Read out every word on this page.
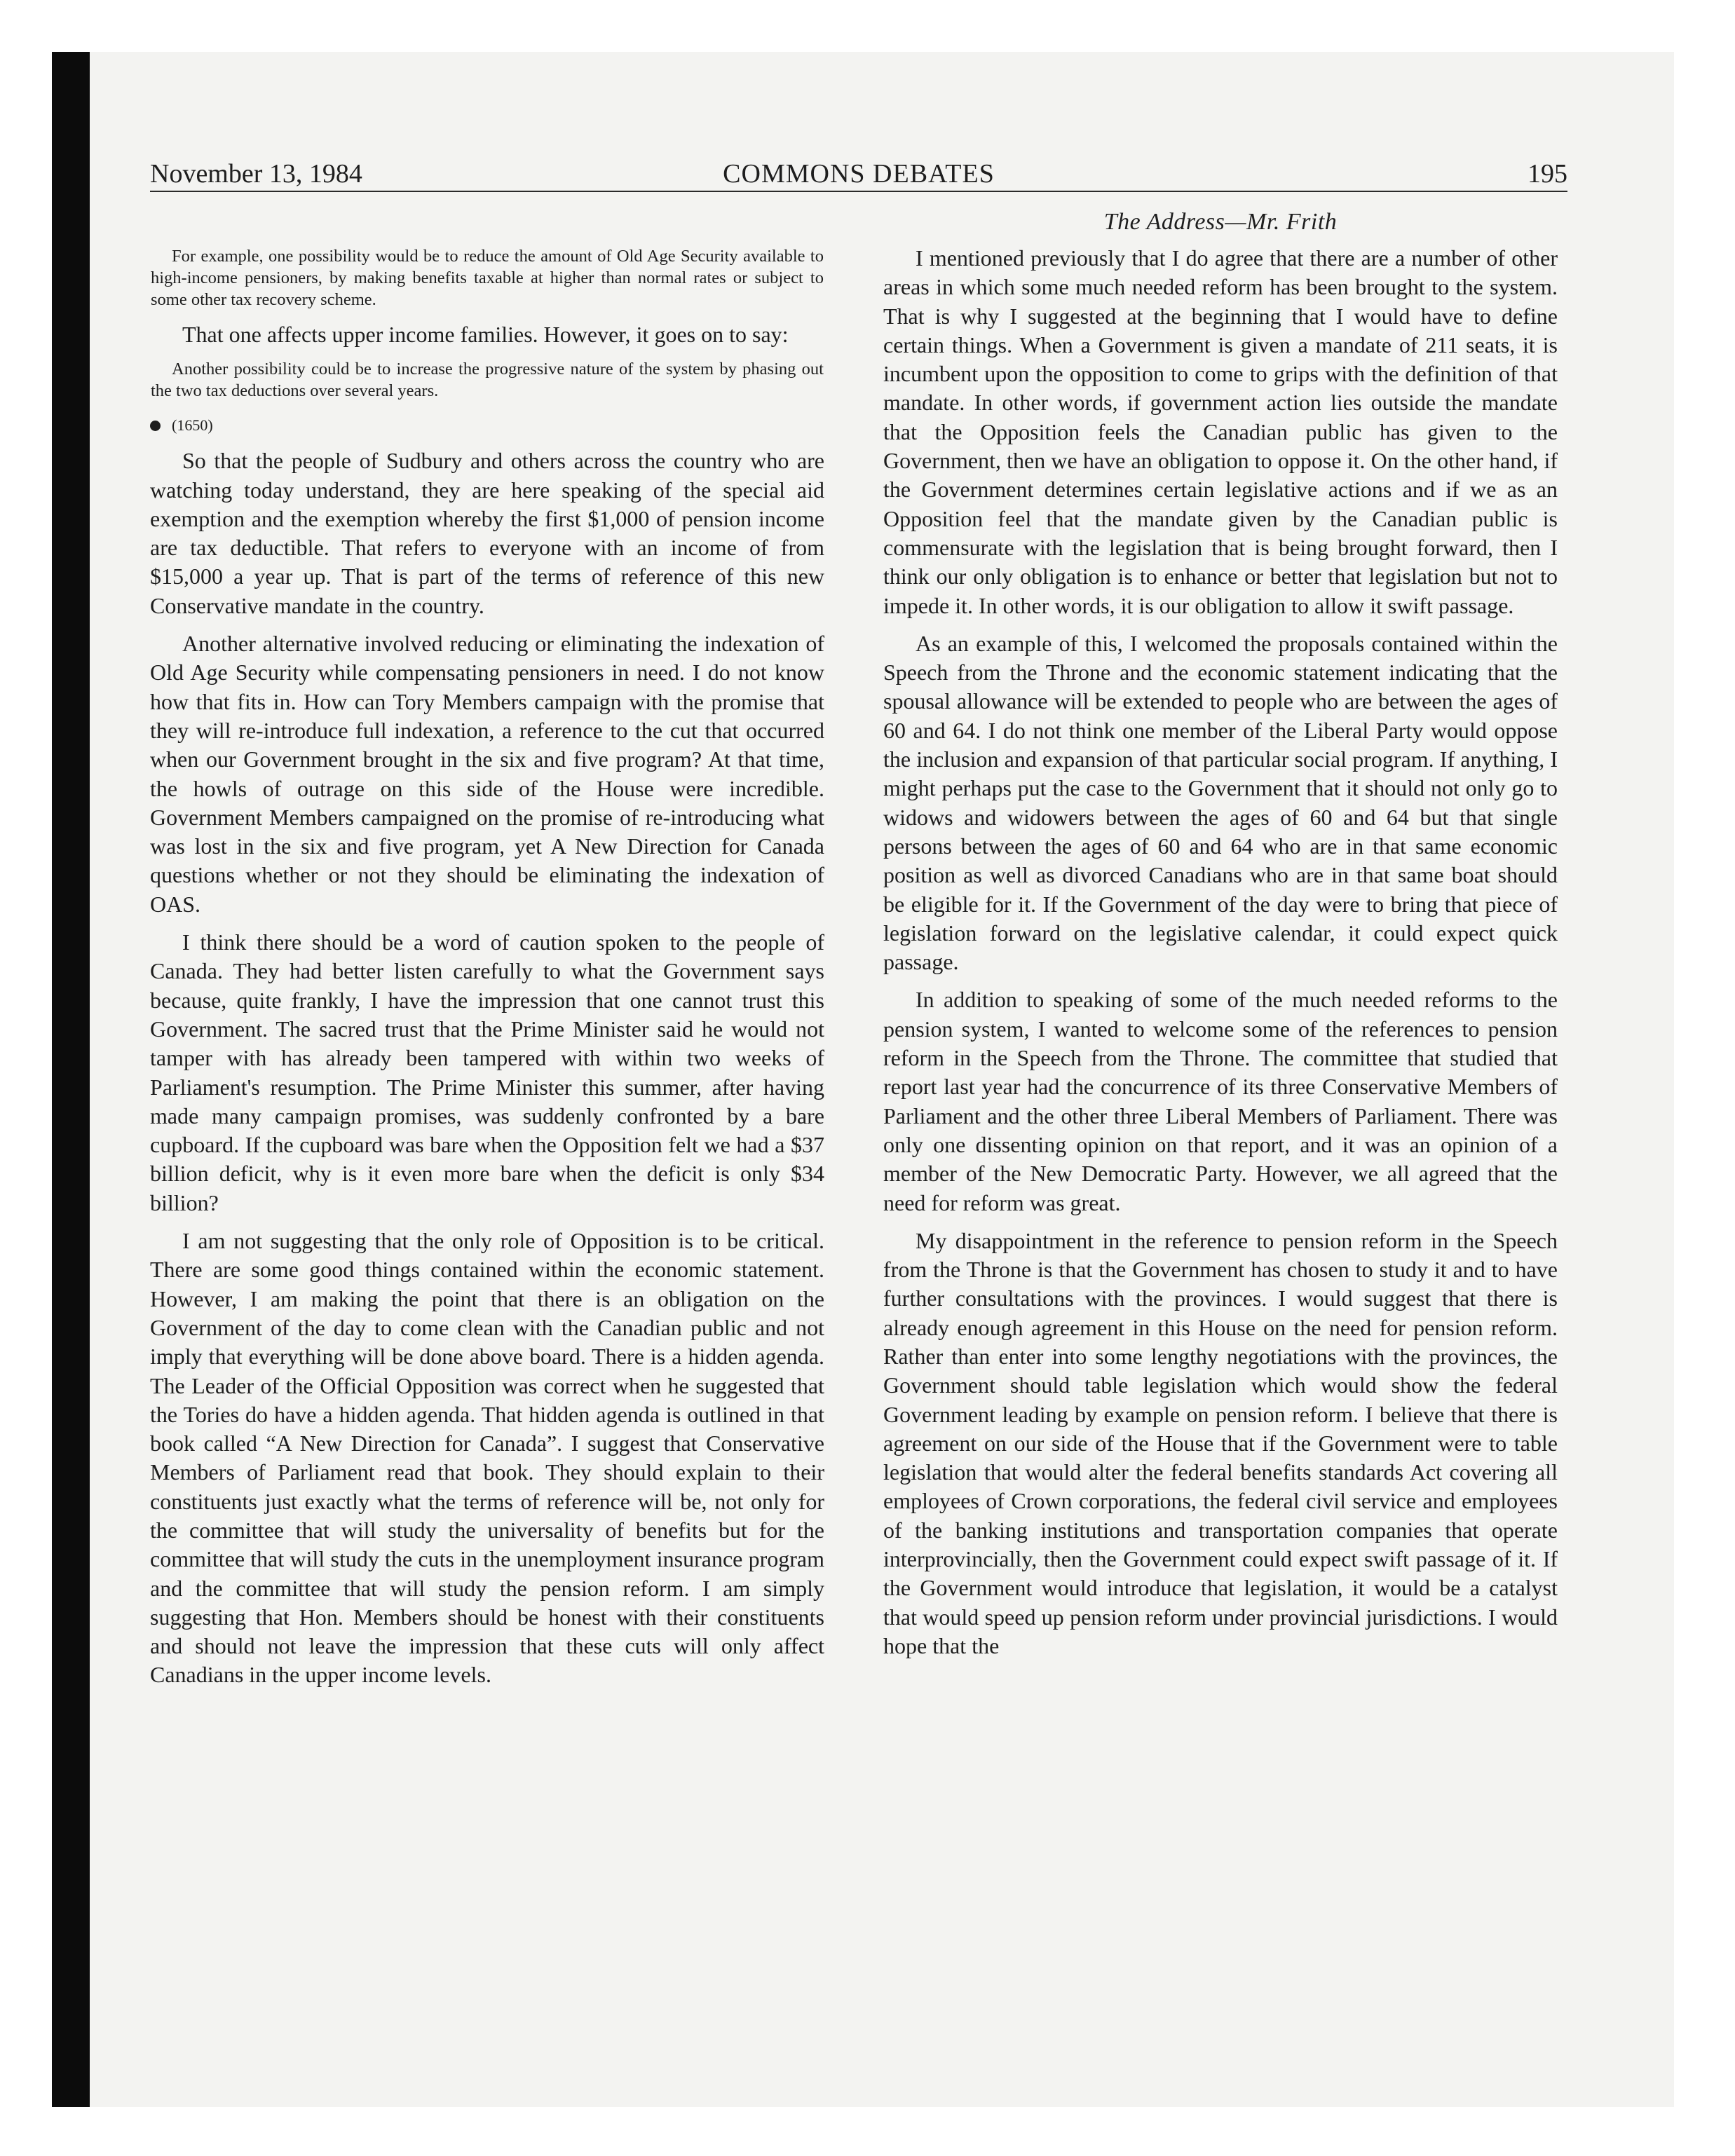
COMMONS DEBATES
November 13, 1984	195

For example, one possibility would be to reduce the amount of Old Age Security available to high-income pensioners, by making benefits taxable at higher than normal rates or subject to some other tax recovery scheme.

That one affects upper income families. However, it goes on to say:

Another possibility could be to increase the progressive nature of the system by phasing out the two tax deductions over several years.

(1650)

So that the people of Sudbury and others across the country who are watching today understand, they are here speaking of the special aid exemption and the exemption whereby the first $1,000 of pension income are tax deductible. That refers to everyone with an income of from $15,000 a year up. That is part of the terms of reference of this new Conservative mandate in the country.

Another alternative involved reducing or eliminating the indexation of Old Age Security while compensating pensioners in need. I do not know how that fits in. How can Tory Members campaign with the promise that they will re-introduce full indexation, a reference to the cut that occurred when our Government brought in the six and five program? At that time, the howls of outrage on this side of the House were incredible. Government Members campaigned on the promise of re-introducing what was lost in the six and five program, yet A New Direction for Canada questions whether or not they should be eliminating the indexation of OAS.

I think there should be a word of caution spoken to the people of Canada. They had better listen carefully to what the Government says because, quite frankly, I have the impression that one cannot trust this Government. The sacred trust that the Prime Minister said he would not tamper with has already been tampered with within two weeks of Parliament's resumption. The Prime Minister this summer, after having made many campaign promises, was suddenly confronted by a bare cupboard. If the cupboard was bare when the Opposition felt we had a $37 billion deficit, why is it even more bare when the deficit is only $34 billion?

I am not suggesting that the only role of Opposition is to be critical. There are some good things contained within the economic statement. However, I am making the point that there is an obligation on the Government of the day to come clean with the Canadian public and not imply that everything will be done above board. There is a hidden agenda. The Leader of the Official Opposition was correct when he suggested that the Tories do have a hidden agenda. That hidden agenda is outlined in that book called “A New Direction for Canada”. I suggest that Conservative Members of Parliament read that book. They should explain to their constituents just exactly what the terms of reference will be, not only for the committee that will study the universality of benefits but for the committee that will study the cuts in the unemployment insurance program and the committee that will study the pension reform. I am simply suggesting that Hon. Members should be honest with their constituents and should not leave the impression that these cuts will only affect Canadians in the upper income levels.

The Address—Mr. Frith

I mentioned previously that I do agree that there are a number of other areas in which some much needed reform has been brought to the system. That is why I suggested at the beginning that I would have to define certain things. When a Government is given a mandate of 211 seats, it is incumbent upon the opposition to come to grips with the definition of that mandate. In other words, if government action lies outside the mandate that the Opposition feels the Canadian public has given to the Government, then we have an obligation to oppose it. On the other hand, if the Government determines certain legislative actions and if we as an Opposition feel that the mandate given by the Canadian public is commensurate with the legislation that is being brought forward, then I think our only obligation is to enhance or better that legislation but not to impede it. In other words, it is our obligation to allow it swift passage.

As an example of this, I welcomed the proposals contained within the Speech from the Throne and the economic statement indicating that the spousal allowance will be extended to people who are between the ages of 60 and 64. I do not think one member of the Liberal Party would oppose the inclusion and expansion of that particular social program. If anything, I might perhaps put the case to the Government that it should not only go to widows and widowers between the ages of 60 and 64 but that single persons between the ages of 60 and 64 who are in that same economic position as well as divorced Canadians who are in that same boat should be eligible for it. If the Government of the day were to bring that piece of legislation forward on the legislative calendar, it could expect quick passage.

In addition to speaking of some of the much needed reforms to the pension system, I wanted to welcome some of the references to pension reform in the Speech from the Throne. The committee that studied that report last year had the concurrence of its three Conservative Members of Parliament and the other three Liberal Members of Parliament. There was only one dissenting opinion on that report, and it was an opinion of a member of the New Democratic Party. However, we all agreed that the need for reform was great.

My disappointment in the reference to pension reform in the Speech from the Throne is that the Government has chosen to study it and to have further consultations with the provinces. I would suggest that there is already enough agreement in this House on the need for pension reform. Rather than enter into some lengthy negotiations with the provinces, the Government should table legislation which would show the federal Government leading by example on pension reform. I believe that there is agreement on our side of the House that if the Government were to table legislation that would alter the federal benefits standards Act covering all employees of Crown corporations, the federal civil service and employees of the banking institutions and transportation companies that operate interprovincially, then the Government could expect swift passage of it. If the Government would introduce that legislation, it would be a catalyst that would speed up pension reform under provincial jurisdictions. I would hope that the
